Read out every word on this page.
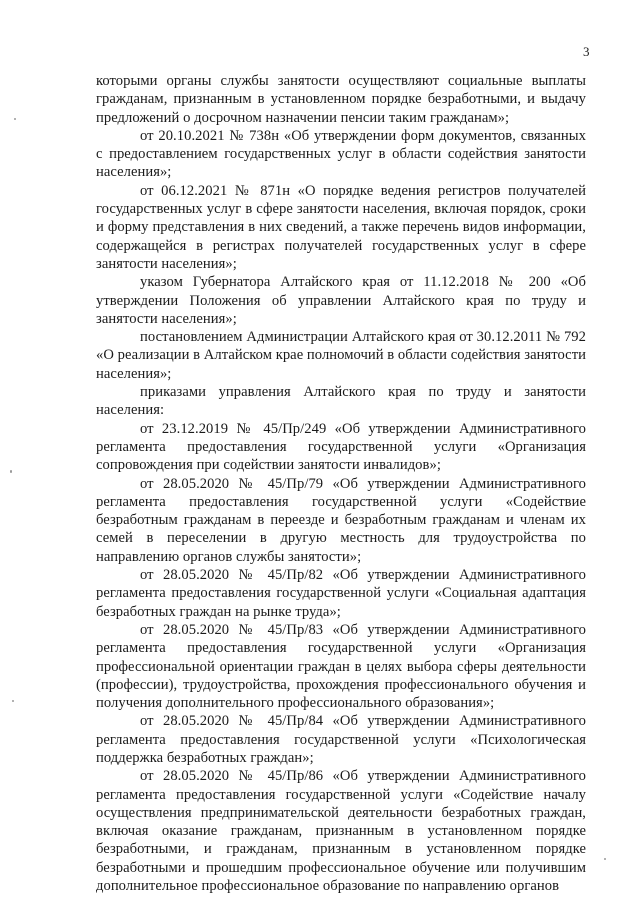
3

которыми органы службы занятости осуществляют социальные выплаты гражданам, признанным в установленном порядке безработными, и выдачу предложений о досрочном назначении пенсии таким гражданам»;

от 20.10.2021 № 738н «Об утверждении форм документов, связанных с предоставлением государственных услуг в области содействия занятости населения»;

от 06.12.2021 № 871н «О порядке ведения регистров получателей государственных услуг в сфере занятости населения, включая порядок, сроки и форму представления в них сведений, а также перечень видов информации, содержащейся в регистрах получателей государственных услуг в сфере занятости населения»;

указом Губернатора Алтайского края от 11.12.2018 № 200 «Об утверждении Положения об управлении Алтайского края по труду и занятости населения»;

постановлением Администрации Алтайского края от 30.12.2011 № 792 «О реализации в Алтайском крае полномочий в области содействия занятости населения»;

приказами управления Алтайского края по труду и занятости населения:

от 23.12.2019 № 45/Пр/249 «Об утверждении Административного регламента предоставления государственной услуги «Организация сопровождения при содействии занятости инвалидов»;

от 28.05.2020 № 45/Пр/79 «Об утверждении Административного регламента предоставления государственной услуги «Содействие безработным гражданам в переезде и безработным гражданам и членам их семей в переселении в другую местность для трудоустройства по направлению органов службы занятости»;

от 28.05.2020 № 45/Пр/82 «Об утверждении Административного регламента предоставления государственной услуги «Социальная адаптация безработных граждан на рынке труда»;

от 28.05.2020 № 45/Пр/83 «Об утверждении Административного регламента предоставления государственной услуги «Организация профессиональной ориентации граждан в целях выбора сферы деятельности (профессии), трудоустройства, прохождения профессионального обучения и получения дополнительного профессионального образования»;

от 28.05.2020 № 45/Пр/84 «Об утверждении Административного регламента предоставления государственной услуги «Психологическая поддержка безработных граждан»;

от 28.05.2020 № 45/Пр/86 «Об утверждении Административного регламента предоставления государственной услуги «Содействие началу осуществления предпринимательской деятельности безработных граждан, включая оказание гражданам, признанным в установленном порядке безработными, и гражданам, признанным в установленном порядке безработными и прошедшим профессиональное обучение или получившим дополнительное профессиональное образование по направлению органов
